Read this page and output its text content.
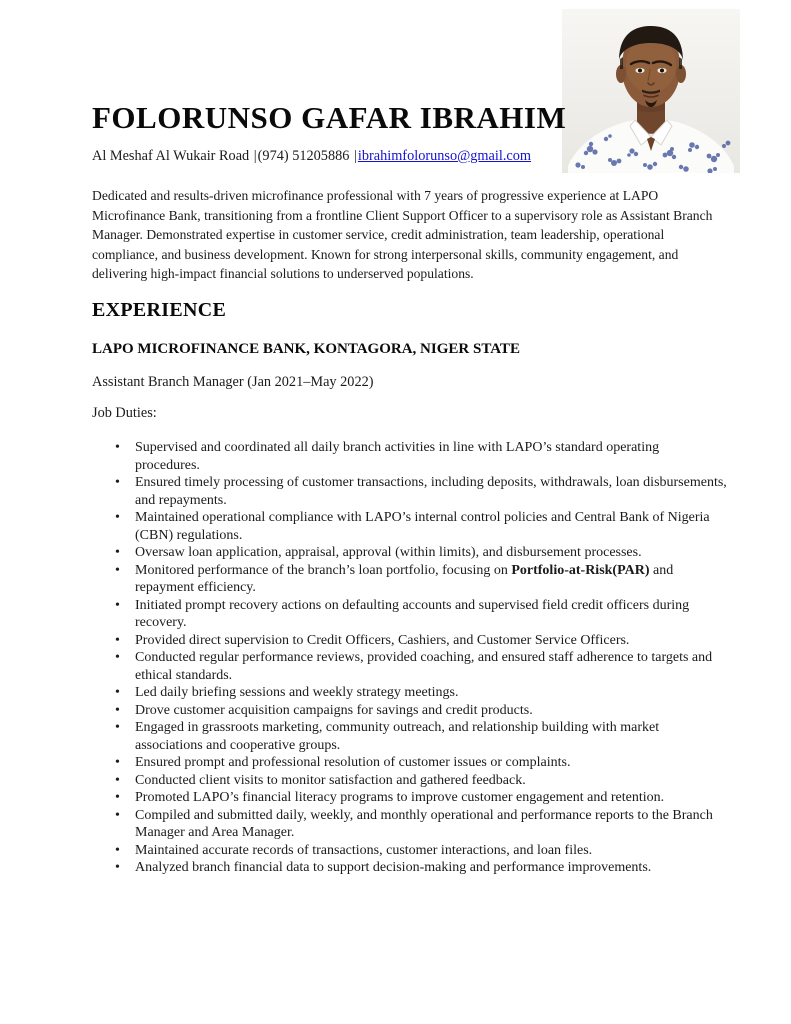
FOLORUNSO GAFAR IBRAHIM

Al Meshaf Al Wukair Road |(974) 51205886 |ibrahimfolorunso@gmail.com

Dedicated and results-driven microfinance professional with 7 years of progressive experience at LAPO Microfinance Bank, transitioning from a frontline Client Support Officer to a supervisory role as Assistant Branch Manager. Demonstrated expertise in customer service, credit administration, team leadership, operational compliance, and business development. Known for strong interpersonal skills, community engagement, and delivering high-impact financial solutions to underserved populations.

EXPERIENCE
LAPO MICROFINANCE BANK, KONTAGORA, NIGER STATE

Assistant Branch Manager (Jan 2021–May 2022)

Job Duties:

• Supervised and coordinated all daily branch activities in line with LAPO’s standard operating procedures.
• Ensured timely processing of customer transactions, including deposits, withdrawals, loan disbursements, and repayments.
• Maintained operational compliance with LAPO’s internal control policies and Central Bank of Nigeria (CBN) regulations.
• Oversaw loan application, appraisal, approval (within limits), and disbursement processes.
• Monitored performance of the branch’s loan portfolio, focusing on Portfolio-at-Risk(PAR) and repayment efficiency.
• Initiated prompt recovery actions on defaulting accounts and supervised field credit officers during recovery.
• Provided direct supervision to Credit Officers, Cashiers, and Customer Service Officers.
• Conducted regular performance reviews, provided coaching, and ensured staff adherence to targets and ethical standards.
• Led daily briefing sessions and weekly strategy meetings.
• Drove customer acquisition campaigns for savings and credit products.
• Engaged in grassroots marketing, community outreach, and relationship building with market associations and cooperative groups.
• Ensured prompt and professional resolution of customer issues or complaints.
• Conducted client visits to monitor satisfaction and gathered feedback.
• Promoted LAPO’s financial literacy programs to improve customer engagement and retention.
• Compiled and submitted daily, weekly, and monthly operational and performance reports to the Branch Manager and Area Manager.
• Maintained accurate records of transactions, customer interactions, and loan files.
• Analyzed branch financial data to support decision-making and performance improvements.
